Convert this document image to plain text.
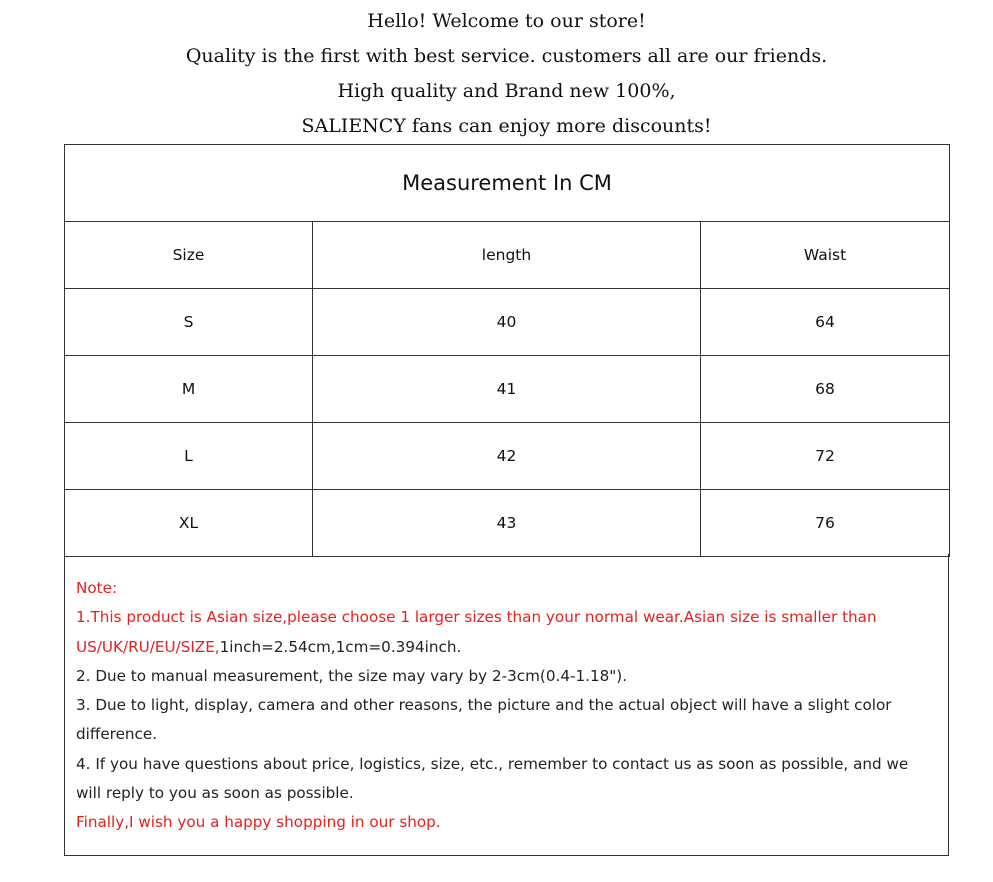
Hello! Welcome to our store!
Quality is the first with best service. customers all are our friends.
High quality and Brand new 100%,
SALIENCY fans can enjoy more discounts!
Measurement In CM		
Size	length	Waist
S	40	64
M	41	68
L	42	72
XL	43	76

Note:

1.This product is Asian size,please choose 1 larger sizes than your normal wear.Asian size is smaller than US/UK/RU/EU/SIZE,1inch=2.54cm,1cm=0.394inch.

2. Due to manual measurement, the size may vary by 2-3cm(0.4-1.18").

3. Due to light, display, camera and other reasons, the picture and the actual object will have a slight color difference.

4. If you have questions about price, logistics, size, etc., remember to contact us as soon as possible, and we will reply to you as soon as possible.

Finally,I wish you a happy shopping in our shop.
